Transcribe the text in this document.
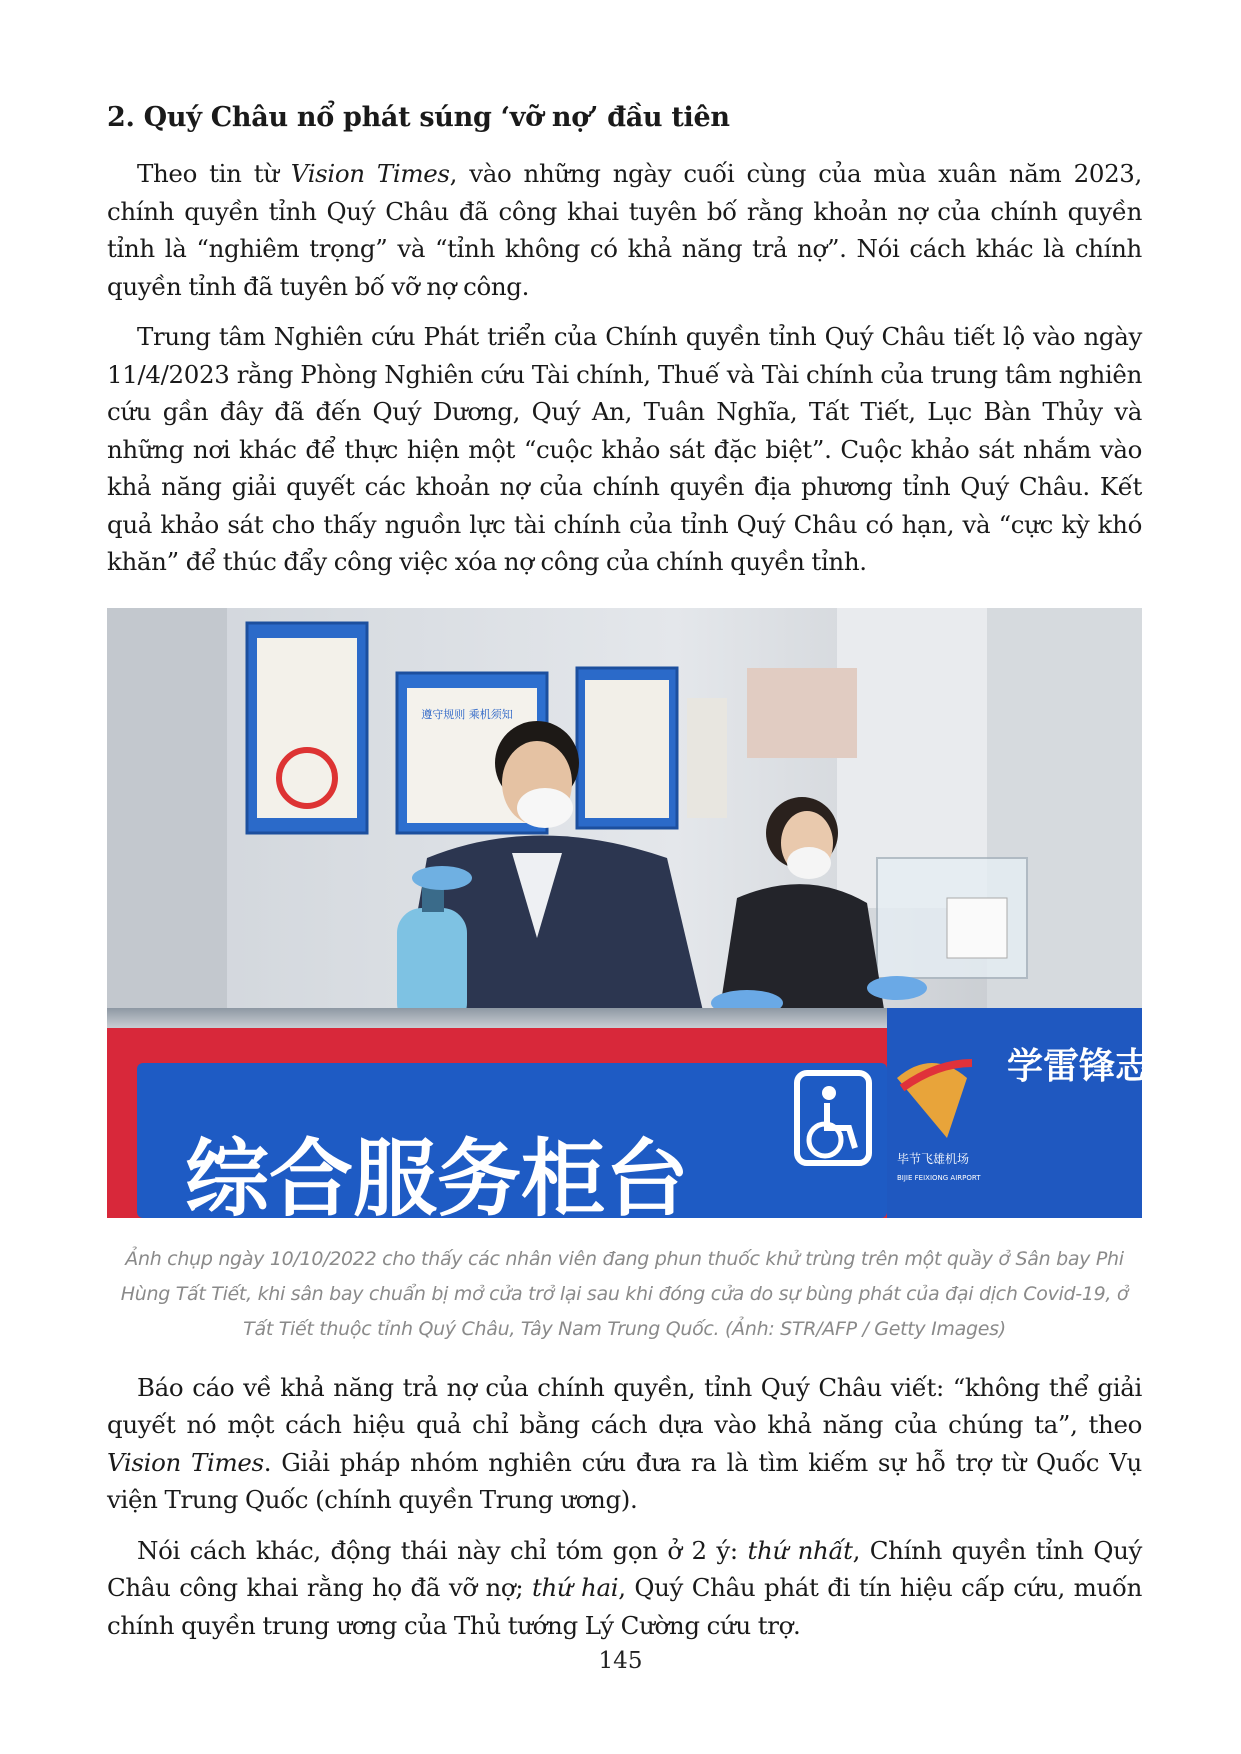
2. Quý Châu nổ phát súng ‘vỡ nợ’ đầu tiên

Theo tin từ Vision Times, vào những ngày cuối cùng của mùa xuân năm 2023, chính quyền tỉnh Quý Châu đã công khai tuyên bố rằng khoản nợ của chính quyền tỉnh là “nghiêm trọng” và “tỉnh không có khả năng trả nợ”. Nói cách khác là chính quyền tỉnh đã tuyên bố vỡ nợ công.

Trung tâm Nghiên cứu Phát triển của Chính quyền tỉnh Quý Châu tiết lộ vào ngày 11/4/2023 rằng Phòng Nghiên cứu Tài chính, Thuế và Tài chính của trung tâm nghiên cứu gần đây đã đến Quý Dương, Quý An, Tuân Nghĩa, Tất Tiết, Lục Bàn Thủy và những nơi khác để thực hiện một “cuộc khảo sát đặc biệt”. Cuộc khảo sát nhắm vào khả năng giải quyết các khoản nợ của chính quyền địa phương tỉnh Quý Châu. Kết quả khảo sát cho thấy nguồn lực tài chính của tỉnh Quý Châu có hạn, và “cực kỳ khó khăn” để thúc đẩy công việc xóa nợ công của chính quyền tỉnh.

遵守规则 乘机须知
综合服务柜台
学雷锋志愿
毕节飞雄机场
BIJIE FEIXIONG AIRPORT
Ảnh chụp ngày 10/10/2022 cho thấy các nhân viên đang phun thuốc khử trùng trên một quầy ở Sân bay Phi Hùng Tất Tiết, khi sân bay chuẩn bị mở cửa trở lại sau khi đóng cửa do sự bùng phát của đại dịch Covid-19, ở Tất Tiết thuộc tỉnh Quý Châu, Tây Nam Trung Quốc. (Ảnh: STR/AFP / Getty Images)

Báo cáo về khả năng trả nợ của chính quyền, tỉnh Quý Châu viết: “không thể giải quyết nó một cách hiệu quả chỉ bằng cách dựa vào khả năng của chúng ta”, theo Vision Times. Giải pháp nhóm nghiên cứu đưa ra là tìm kiếm sự hỗ trợ từ Quốc Vụ viện Trung Quốc (chính quyền Trung ương).

Nói cách khác, động thái này chỉ tóm gọn ở 2 ý: thứ nhất, Chính quyền tỉnh Quý Châu công khai rằng họ đã vỡ nợ; thứ hai, Quý Châu phát đi tín hiệu cấp cứu, muốn chính quyền trung ương của Thủ tướng Lý Cường cứu trợ.

145
